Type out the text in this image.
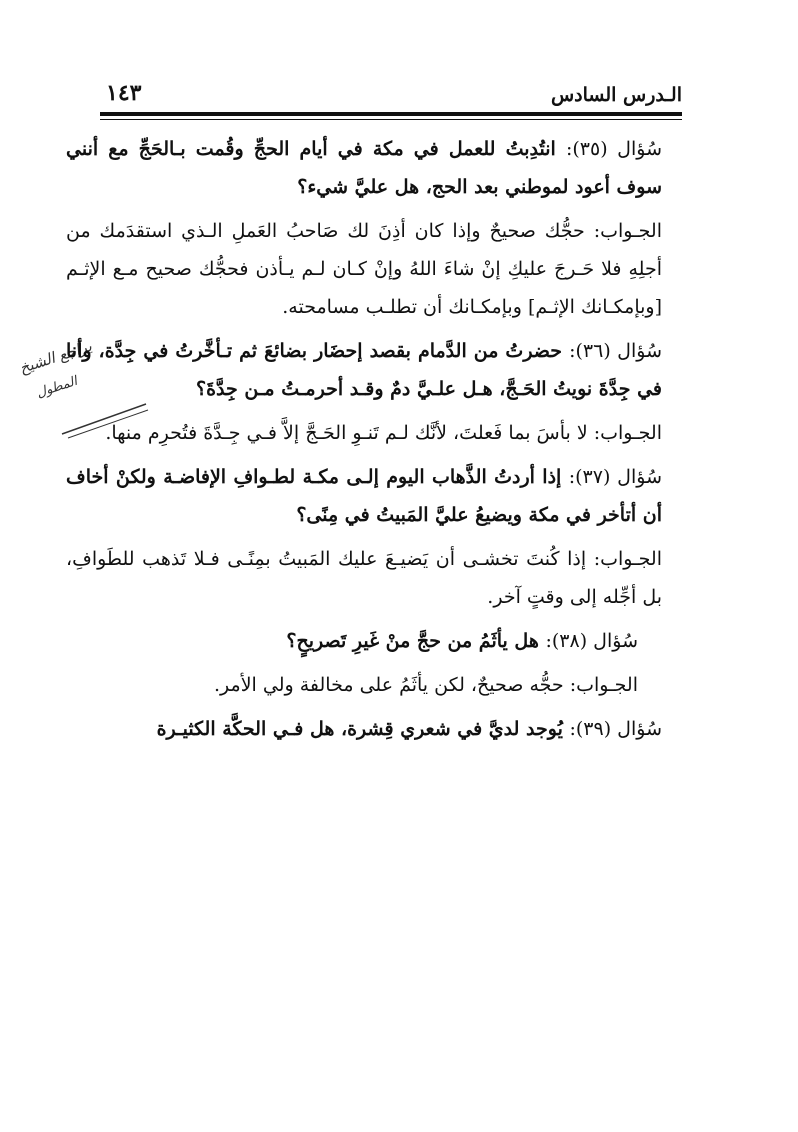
الـدرس السادس
١٤٣
يراجع الشيخ
المطول

سُؤال (٣٥): انتُدِبتُ للعمل في مكة في أيام الحجِّ وقُمت بـالحَجِّ مع أنني سوف أعود لموطني بعد الحج، هل عليَّ شيء؟

الجـواب: حجُّك صحيحٌ وإذا كان أذِنَ لك صَاحبُ العَملِ الـذي استقدَمك من أجلِهِ فلا حَـرجَ عليكِ إنْ شاءَ اللهُ وإنْ كـان لـم يـأذن فحجُّك صحيح مـع الإثـم [وبإمكـانك الإثـم] وبإمكـانك أن تطلـب مسامحته.

سُؤال (٣٦): حضرتُ من الدَّمام بقصد إحضَار بضائعَ ثم تـأخَّرتُ في جِدَّة، وأنا في جِدَّةَ نويتُ الحَـجَّ، هـل علـيَّ دمٌ وقـد أحرمـتُ مـن جِدَّةَ؟

الجـواب: لا بأسَ بما فَعلتَ، لأنَّك لـم تَنـوِ الحَـجَّ إلاَّ فـي جِـدَّةَ فتُحرِم منها.

سُؤال (٣٧): إذا أردتُ الذَّهاب اليوم إلـى مكـة لطـوافِ الإفاضـة ولكنْ أخاف أن أتأخر في مكة ويضيعُ عليَّ المَبيتُ في مِنًى؟

الجـواب: إذا كُنتَ تخشـى أن يَضيـعَ عليك المَبيتُ بمِنًـى فـلا تَذهب للطَوافِ، بل أجِّله إلى وقتٍ آخر.

سُؤال (٣٨): هل يأثَمُ من حجَّ منْ غَيرِ تَصريحٍ؟

الجـواب: حجُّه صحيحٌ، لكن يأثَمُ على مخالفة ولي الأمر.

سُؤال (٣٩): يُوجد لديَّ في شعري قِشرة، هل فـي الحكَّة الكثيـرة
